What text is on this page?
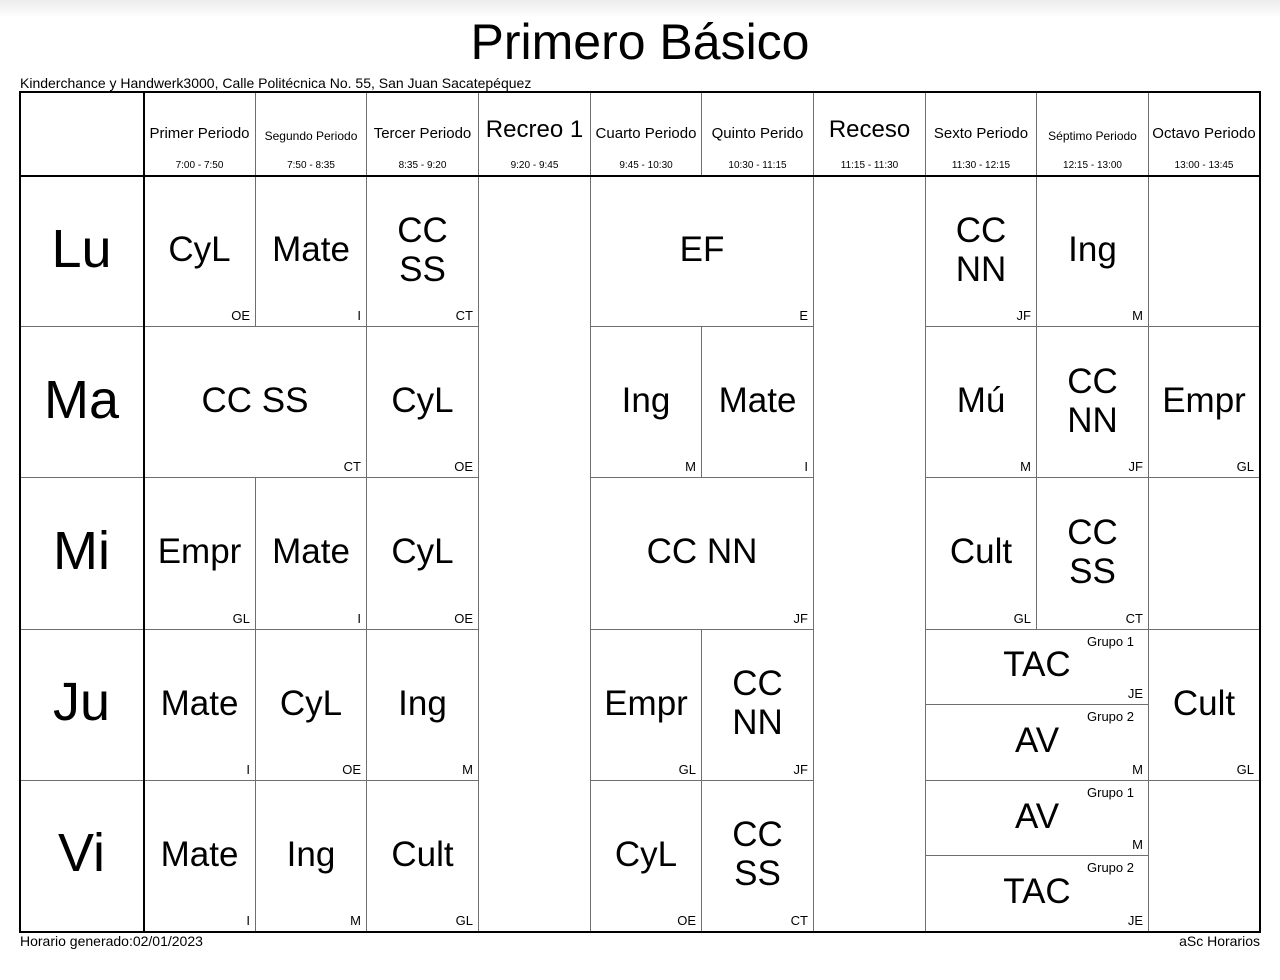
Primero Básico
Kinderchance y Handwerk3000, Calle Politécnica No. 55, San Juan Sacatepéquez
Primer Periodo
7:00 - 7:50
Segundo Periodo
7:50 - 8:35
Tercer Periodo
8:35 - 9:20
Recreo 1
9:20 - 9:45
Cuarto Periodo
9:45 - 10:30
Quinto Perido
10:30 - 11:15
Receso
11:15 - 11:30
Sexto Periodo
11:30 - 12:15
Séptimo Periodo
12:15 - 13:00
Octavo Periodo
13:00 - 13:45
Lu
Ma
Mi
Ju
Vi
CyL
OE
Mate
I
CC
SS
CT
EF
E
CC
NN
JF
Ing
M
CC SS
CT
CyL
OE
Ing
M
Mate
I
Mú
M
CC
NN
JF
Empr
GL
Empr
GL
Mate
I
CyL
OE
CC NN
JF
Cult
GL
CC
SS
CT
Mate
I
CyL
OE
Ing
M
Empr
GL
CC
NN
JF
TAC
JE
Grupo 1
AV
M
Grupo 2	Cult
GL
Mate
I
Ing
M
Cult
GL
CyL
OE
CC
SS
CT
AV
M
Grupo 1
TAC
JE
Grupo 2
Horario generado:02/01/2023	aSc Horarios
